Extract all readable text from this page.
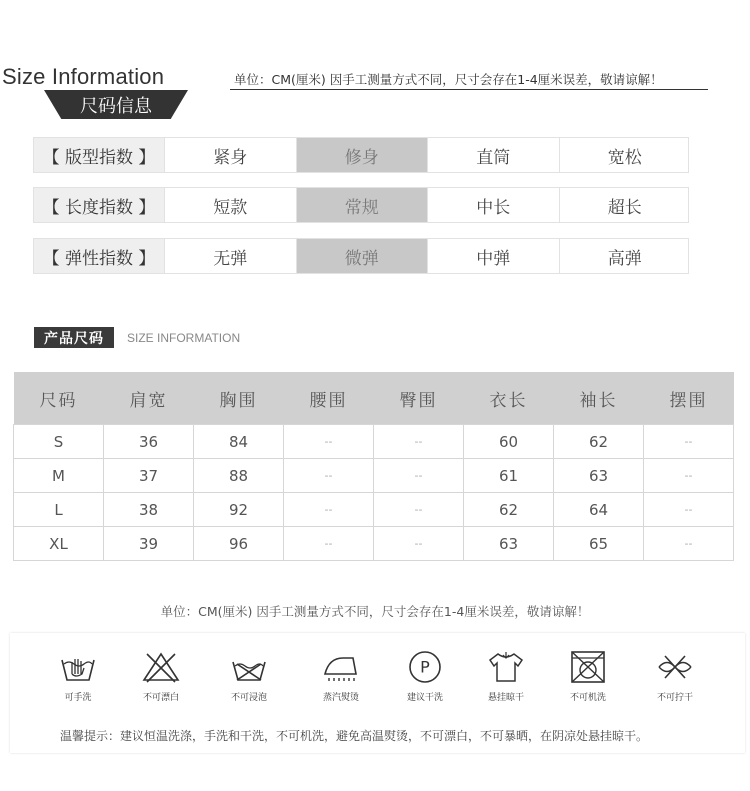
Size Information	单位：CM(厘米) 因手工测量方式不同，尺寸会存在1-4厘米误差，敬请谅解！
尺码信息
【 版型指数 】	紧身	修身	直筒	宽松
【 长度指数 】	短款	常规	中长	超长
【 弹性指数 】	无弹	微弹	中弹	高弹
产品尺码	SIZE INFORMATION
尺码	肩宽	胸围	腰围	臀围	衣长	袖长	摆围
S	36	84	--	--	60	62	--
M	37	88	--	--	61	63	--
L	38	92	--	--	62	64	--
XL	39	96	--	--	63	65	--
单位：CM(厘米) 因手工测量方式不同，尺寸会存在1-4厘米误差，敬请谅解！
可手洗	不可漂白	不可浸泡	蒸汽熨烫
P
建议干洗	悬挂晾干	不可机洗	不可拧干
温馨提示：建议恒温洗涤，手洗和干洗，不可机洗，避免高温熨烫，不可漂白，不可暴晒，在阴凉处悬挂晾干。
